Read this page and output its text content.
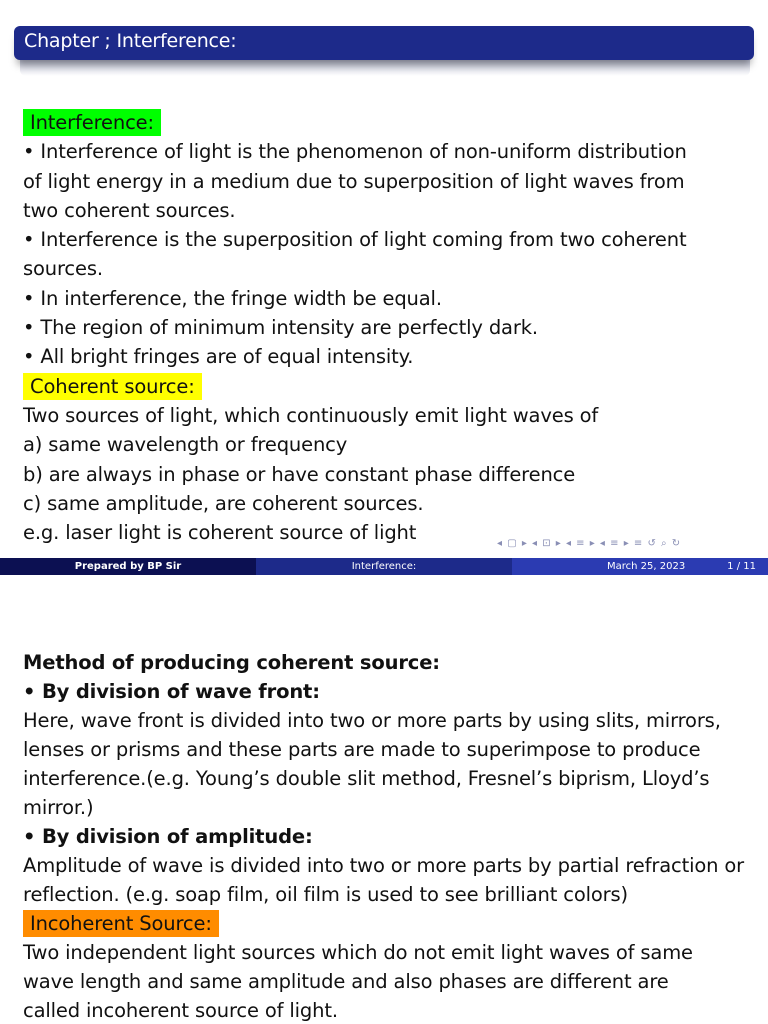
Chapter ; Interference:
Interference:
• Interference of light is the phenomenon of non-uniform distribution
of light energy in a medium due to superposition of light waves from
two coherent sources.
• Interference is the superposition of light coming from two coherent
sources.
• In interference, the fringe width be equal.
• The region of minimum intensity are perfectly dark.
• All bright fringes are of equal intensity.
Coherent source:
Two sources of light, which continuously emit light waves of
a) same wavelength or frequency
b) are always in phase or have constant phase difference
c) same amplitude, are coherent sources.
e.g. laser light is coherent source of light	◂ ▢ ▸ ◂ ⊡ ▸ ◂ ≡ ▸ ◂ ≡ ▸ ≡ ↺ ⌕ ↻
Prepared by BP Sir	Interference:	March 25, 2023	1 / 11
Method of producing coherent source:
• By division of wave front:
Here, wave front is divided into two or more parts by using slits, mirrors,
lenses or prisms and these parts are made to superimpose to produce
interference.(e.g. Young’s double slit method, Fresnel’s biprism, Lloyd’s
mirror.)
• By division of amplitude:
Amplitude of wave is divided into two or more parts by partial refraction or
reflection. (e.g. soap film, oil film is used to see brilliant colors)
Incoherent Source:
Two independent light sources which do not emit light waves of same
wave length and same amplitude and also phases are different are
called incoherent source of light.
